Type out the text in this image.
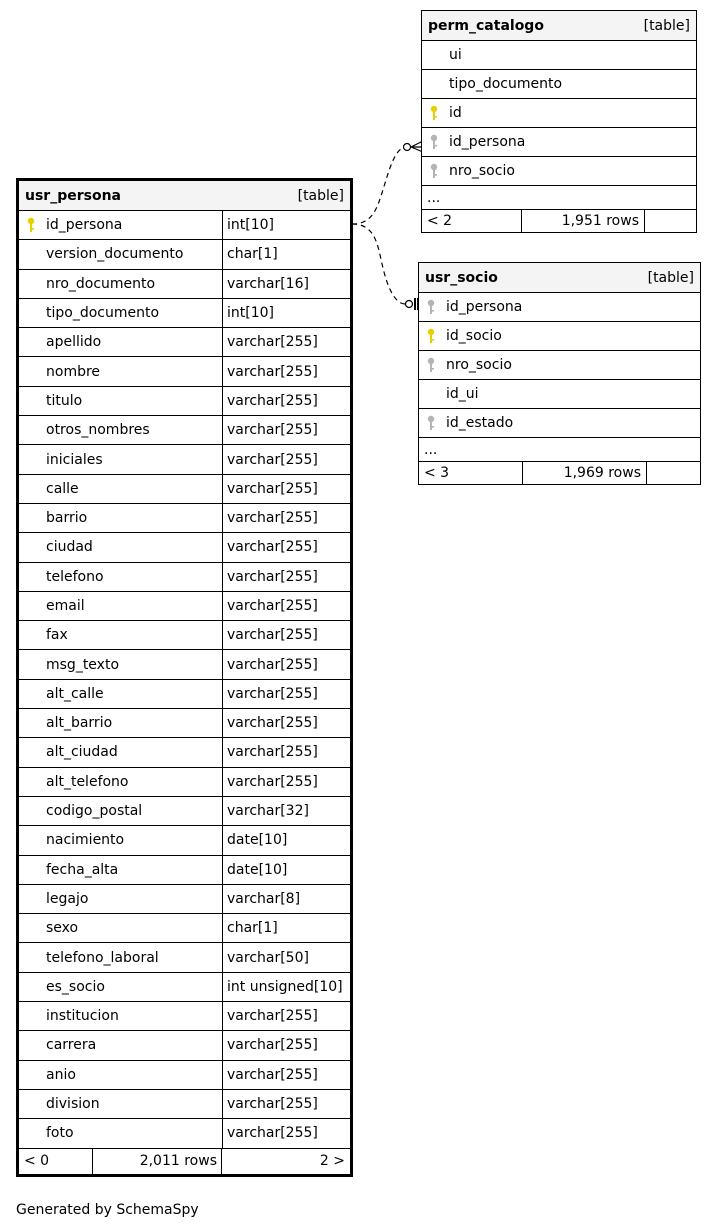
perm_catalogo	[table]
ui
tipo_documento
id
id_persona
nro_socio
...
< 2	1,951 rows
usr_socio	[table]
id_persona
id_socio
nro_socio
id_ui
id_estado
...
< 3	1,969 rows
usr_persona	[table]
id_persona	int[10]
version_documento	char[1]
nro_documento	varchar[16]
tipo_documento	int[10]
apellido	varchar[255]
nombre	varchar[255]
titulo	varchar[255]
otros_nombres	varchar[255]
iniciales	varchar[255]
calle	varchar[255]
barrio	varchar[255]
ciudad	varchar[255]
telefono	varchar[255]
email	varchar[255]
fax	varchar[255]
msg_texto	varchar[255]
alt_calle	varchar[255]
alt_barrio	varchar[255]
alt_ciudad	varchar[255]
alt_telefono	varchar[255]
codigo_postal	varchar[32]
nacimiento	date[10]
fecha_alta	date[10]
legajo	varchar[8]
sexo	char[1]
telefono_laboral	varchar[50]
es_socio	int unsigned[10]
institucion	varchar[255]
carrera	varchar[255]
anio	varchar[255]
division	varchar[255]
foto	varchar[255]
< 0	2,011 rows	2 >
Generated by SchemaSpy
